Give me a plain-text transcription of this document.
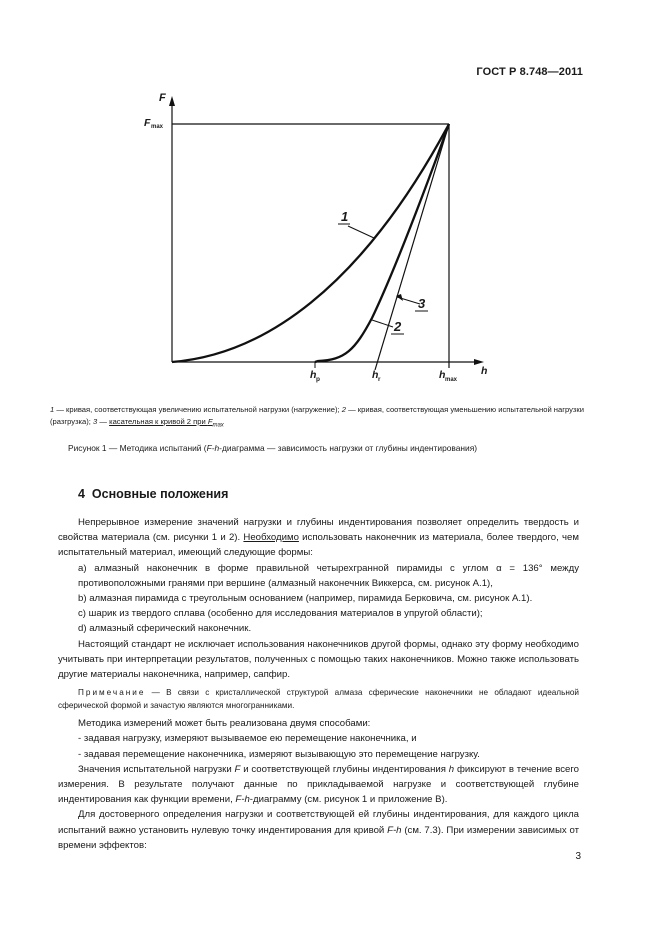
ГОСТ Р 8.748—2011
F
F max
h p	h r	h max
h
1
2
3
1 — кривая, соответствующая увеличению испытательной нагрузки (нагружение); 2 — кривая, соответствующая уменьшению испытательной нагрузки (разгрузка); 3 — касательная к кривой 2 при $F_{max}$
Рисунок 1 — Методика испытаний (F-h-диаграмма — зависимость нагрузки от глубины индентирования)
4 Основные положения

Непрерывное измерение значений нагрузки и глубины индентирования позволяет определить твердость и свойства материала (см. рисунки 1 и 2). Необходимо использовать наконечник из материала, более твердого, чем испытательный материал, имеющий следующие формы:

а) алмазный наконечник в форме правильной четырехгранной пирамиды с углом α = 136° между противоположными гранями при вершине (алмазный наконечник Виккерса, см. рисунок А.1),

b) алмазная пирамида с треугольным основанием (например, пирамида Берковича, см. рисунок А.1).

c) шарик из твердого сплава (особенно для исследования материалов в упругой области);

d) алмазный сферический наконечник.

Настоящий стандарт не исключает использования наконечников другой формы, однако эту форму необходимо учитывать при интерпретации результатов, полученных с помощью таких наконечников. Можно также использовать другие материалы наконечника, например, сапфир.

Примечание — В связи с кристаллической структурой алмаза сферические наконечники не обладают идеальной сферической формой и зачастую являются многогранниками.

Методика измерений может быть реализована двумя способами:

- задавая нагрузку, измеряют вызываемое ею перемещение наконечника, и

- задавая перемещение наконечника, измеряют вызывающую это перемещение нагрузку.

Значения испытательной нагрузки F и соответствующей глубины индентирования h фиксируют в течение всего измерения. В результате получают данные по прикладываемой нагрузке и соответствующей глубине индентирования как функции времени, F-h-диаграмму (см. рисунок 1 и приложение В).

Для достоверного определения нагрузки и соответствующей ей глубины индентирования, для каждого цикла испытаний важно установить нулевую точку индентирования для кривой F-h (см. 7.3). При измерении зависимых от времени эффектов:

3
